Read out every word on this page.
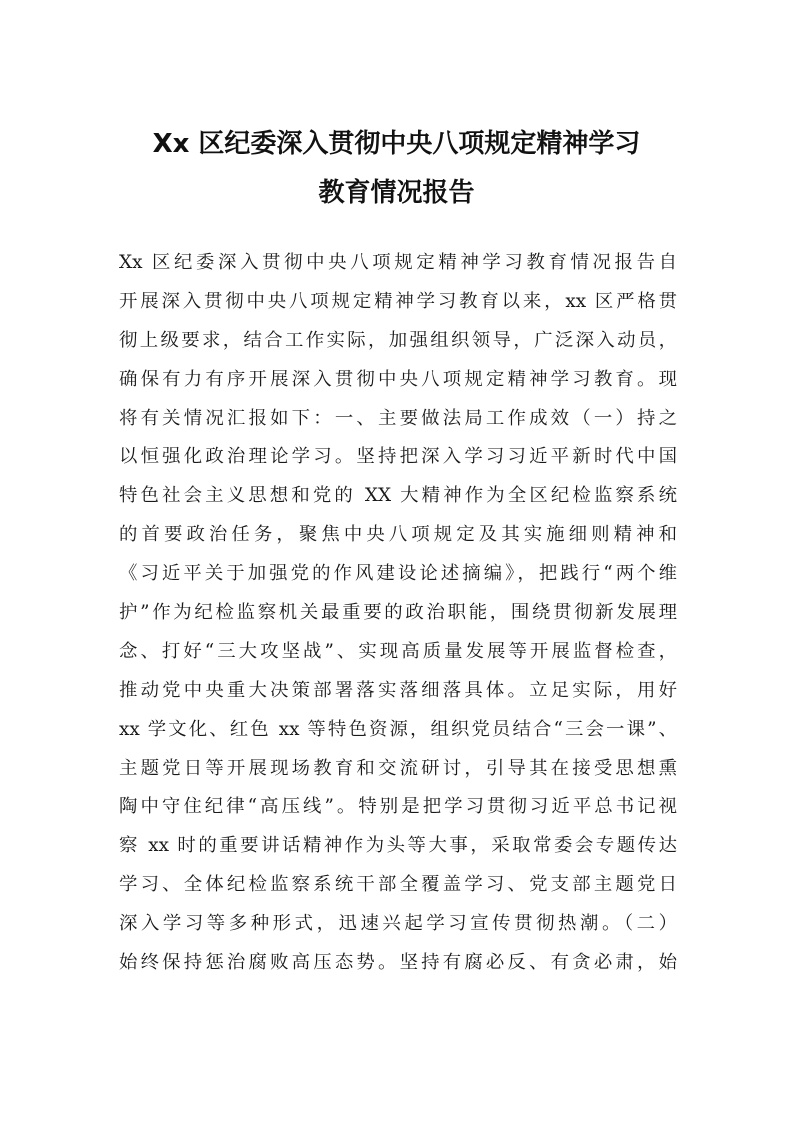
Xx 区纪委深入贯彻中央八项规定精神学习
教育情况报告
Xx 区纪委深入贯彻中央八项规定精神学习教育情况报告自
开展深入贯彻中央八项规定精神学习教育以来，xx 区严格贯
彻上级要求，结合工作实际，加强组织领导，广泛深入动员，
确保有力有序开展深入贯彻中央八项规定精神学习教育。现
将有关情况汇报如下：一、主要做法局工作成效（一）持之
以恒强化政治理论学习。坚持把深入学习习近平新时代中国
特色社会主义思想和党的 XX 大精神作为全区纪检监察系统
的首要政治任务，聚焦中央八项规定及其实施细则精神和
《习近平关于加强党的作风建设论述摘编》，把践行“两个维
护”作为纪检监察机关最重要的政治职能，围绕贯彻新发展理
念、打好“三大攻坚战”、实现高质量发展等开展监督检查，
推动党中央重大决策部署落实落细落具体。立足实际，用好
xx 学文化、红色 xx 等特色资源，组织党员结合“三会一课”、
主题党日等开展现场教育和交流研讨，引导其在接受思想熏
陶中守住纪律“高压线”。特别是把学习贯彻习近平总书记视
察 xx 时的重要讲话精神作为头等大事，采取常委会专题传达
学习、全体纪检监察系统干部全覆盖学习、党支部主题党日
深入学习等多种形式，迅速兴起学习宣传贯彻热潮。（二）
始终保持惩治腐败高压态势。坚持有腐必反、有贪必肃，始
